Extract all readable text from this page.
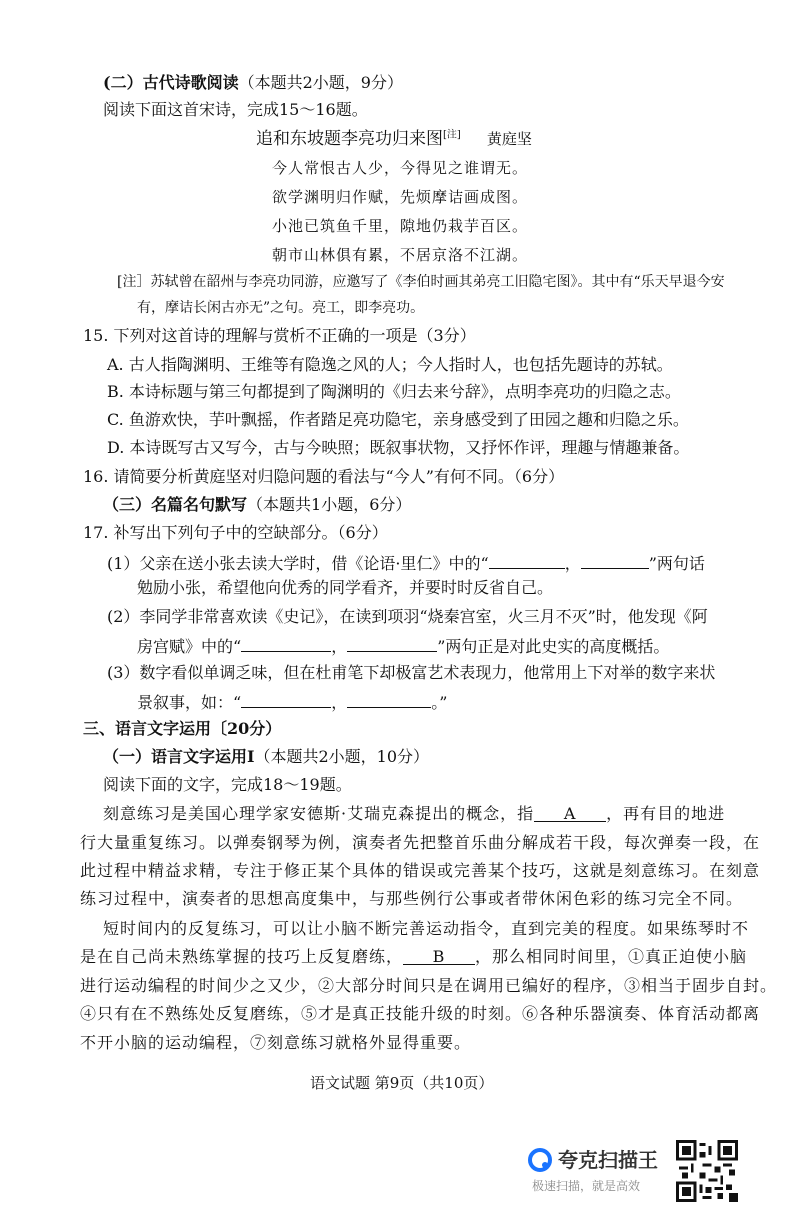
(二）古代诗歌阅读（本题共2小题，9分）
阅读下面这首宋诗，完成15～16题。
追和东坡题李亮功归来图[注] 黄庭坚
今人常恨古人少，今得见之谁谓无。
欲学渊明归作赋，先烦摩诘画成图。
小池已筑鱼千里，隙地仍栽芋百区。
朝市山林俱有累，不居京洛不江湖。
[注］苏轼曾在韶州与李亮功同游，应邀写了《李伯时画其弟亮工旧隐宅图》。其中有“乐天早退今安
有，摩诘长闲古亦无”之句。亮工，即李亮功。
15. 下列对这首诗的理解与赏析不正确的一项是（3分）
A. 古人指陶渊明、王维等有隐逸之风的人；今人指时人，也包括先题诗的苏轼。
B. 本诗标题与第三句都提到了陶渊明的《归去来兮辞》，点明李亮功的归隐之志。
C. 鱼游欢快，芋叶飘摇，作者踏足亮功隐宅，亲身感受到了田园之趣和归隐之乐。
D. 本诗既写古又写今，古与今映照；既叙事状物，又抒怀作评，理趣与情趣兼备。
16. 请简要分析黄庭坚对归隐问题的看法与“今人”有何不同。（6分）
（三）名篇名句默写（本题共1小题，6分）
17. 补写出下列句子中的空缺部分。（6分）
(1）父亲在送小张去读大学时，借《论语·里仁》中的“	，	”两句话
勉励小张，希望他向优秀的同学看齐，并要时时反省自己。
(2）李同学非常喜欢读《史记》，在读到项羽“烧秦宫室，火三月不灭”时，他发现《阿
房宫赋》中的“	，	”两句正是对此史实的高度概括。
(3）数字看似单调乏味，但在杜甫笔下却极富艺术表现力，他常用上下对举的数字来状
景叙事，如：“	，	。”
三、语言文字运用〔20分）
（一）语言文字运用Ⅰ（本题共2小题，10分）
阅读下面的文字，完成18～19题。
刻意练习是美国心理学家安德斯·艾瑞克森提出的概念，指 A ，再有目的地进
行大量重复练习。以弹奏钢琴为例，演奏者先把整首乐曲分解成若干段，每次弹奏一段，在
此过程中精益求精，专注于修正某个具体的错误或完善某个技巧，这就是刻意练习。在刻意
练习过程中，演奏者的思想高度集中，与那些例行公事或者带休闲色彩的练习完全不同。
短时间内的反复练习，可以让小脑不断完善运动指令，直到完美的程度。如果练琴时不
是在自己尚未熟练掌握的技巧上反复磨练， B ，那么相同时间里，①真正迫使小脑
进行运动编程的时间少之又少，②大部分时间只是在调用已编好的程序，③相当于固步自封。
④只有在不熟练处反复磨练，⑤才是真正技能升级的时刻。⑥各种乐器演奏、体育活动都离
不开小脑的运动编程，⑦刻意练习就格外显得重要。
语文试题 第9页（共10页）
夸克扫描王
极速扫描，就是高效
